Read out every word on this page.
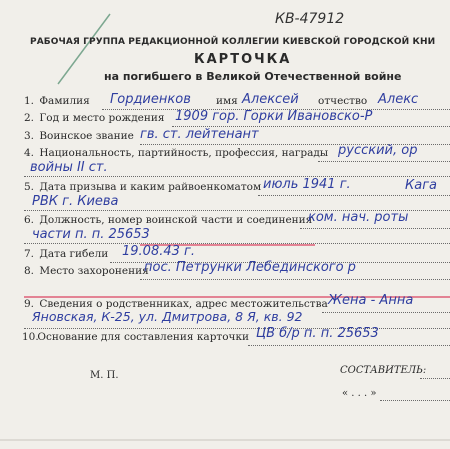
КВ-47912
РАБОЧАЯ ГРУППА РЕДАКЦИОННОЙ КОЛЛЕГИИ КИЕВСКОЙ ГОРОДСКОЙ КНИ
КАРТОЧКА
на погибшего в Великой Отечественной войне
1. Фамилия Гордиенков имя Алексей отчество Алекс
2. Год и место рождения 1909 гор. Горки Ивановско-Р
3. Воинское звание гв. ст. лейтенант
4. Национальность, партийность, профессия, награды русский, ор
войны II ст.
5. Дата призыва и каким райвоенкоматом июль 1941 г.	Кага
РВК г. Киева
6. Должность, номер воинской части и соединения
ком. нач. роты
части п. п. 25653
7. Дата гибели 19.08.43 г.
8. Место захоронения
пос. Петрунки Лебединского р
9. Сведения о родственниках, адрес местожительства Жена - Анна
Яновская, К-25, ул. Дмитрова, 8 Я, кв. 92
10. Основание для составления карточки ЦВ б/р п. п. 25653
М. П.	СОСТАВИТЕЛЬ:
« . . . »
